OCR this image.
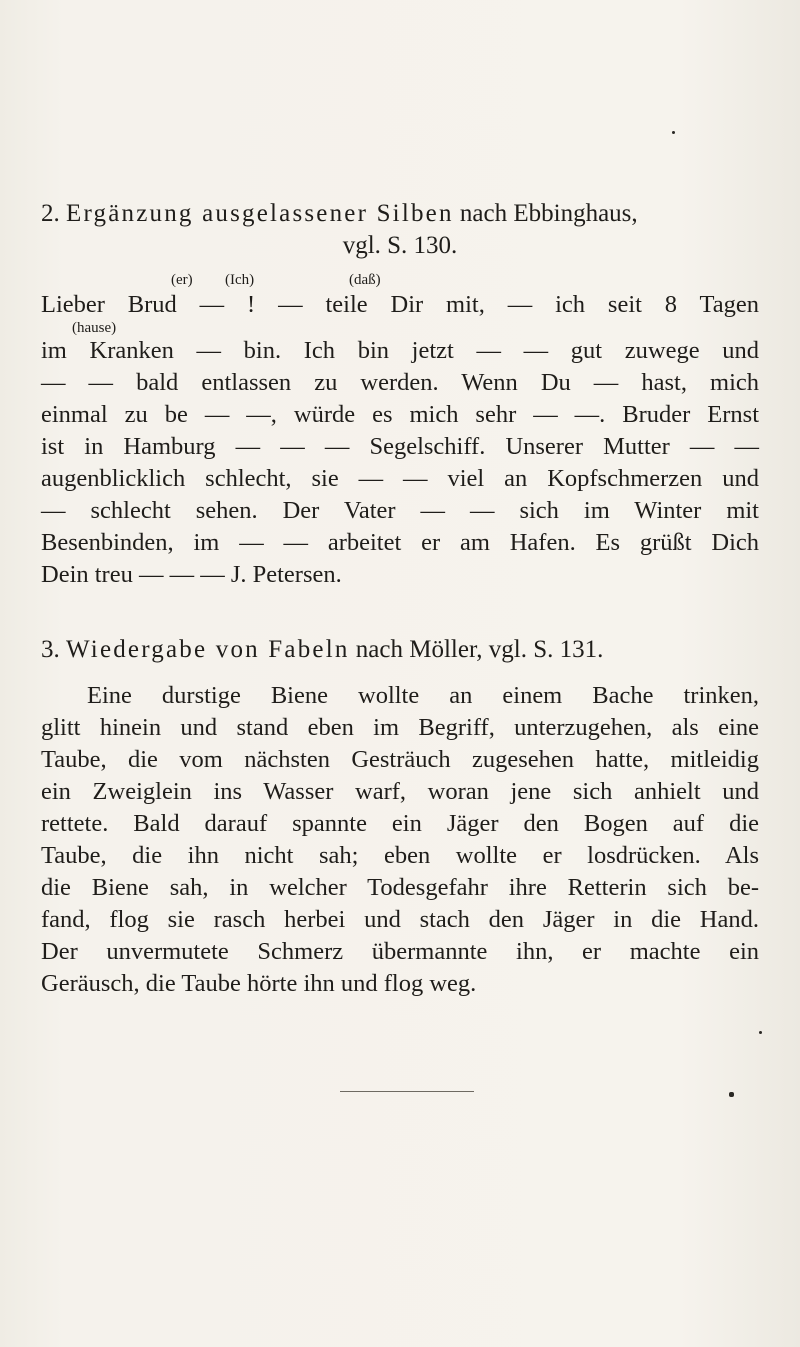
2. Ergänzung ausgelassener Silben nach Ebbinghaus,
vgl. S. 130.
(er) (Ich)	(daß)
(hause)
Lieber Brud — ! — teile Dir mit, — ich seit 8 Tagen
im Kranken — bin. Ich bin jetzt — — gut zuwege und
— — bald entlassen zu werden. Wenn Du — hast, mich
einmal zu be — —, würde es mich sehr — —. Bruder Ernst
ist in Hamburg — — — Segelschiff. Unserer Mutter — —
augenblicklich schlecht, sie — — viel an Kopfschmerzen und
— schlecht sehen. Der Vater — — sich im Winter mit
Besenbinden, im — — arbeitet er am Hafen. Es grüßt Dich
Dein treu — — — J. Petersen.
3. Wiedergabe von Fabeln nach Möller, vgl. S. 131.
Eine durstige Biene wollte an einem Bache trinken,
glitt hinein und stand eben im Begriff, unterzugehen, als eine
Taube, die vom nächsten Gesträuch zugesehen hatte, mitleidig
ein Zweiglein ins Wasser warf, woran jene sich anhielt und
rettete. Bald darauf spannte ein Jäger den Bogen auf die
Taube, die ihn nicht sah; eben wollte er losdrücken. Als
die Biene sah, in welcher Todesgefahr ihre Retterin sich be-
fand, flog sie rasch herbei und stach den Jäger in die Hand.
Der unvermutete Schmerz übermannte ihn, er machte ein
Geräusch, die Taube hörte ihn und flog weg.
